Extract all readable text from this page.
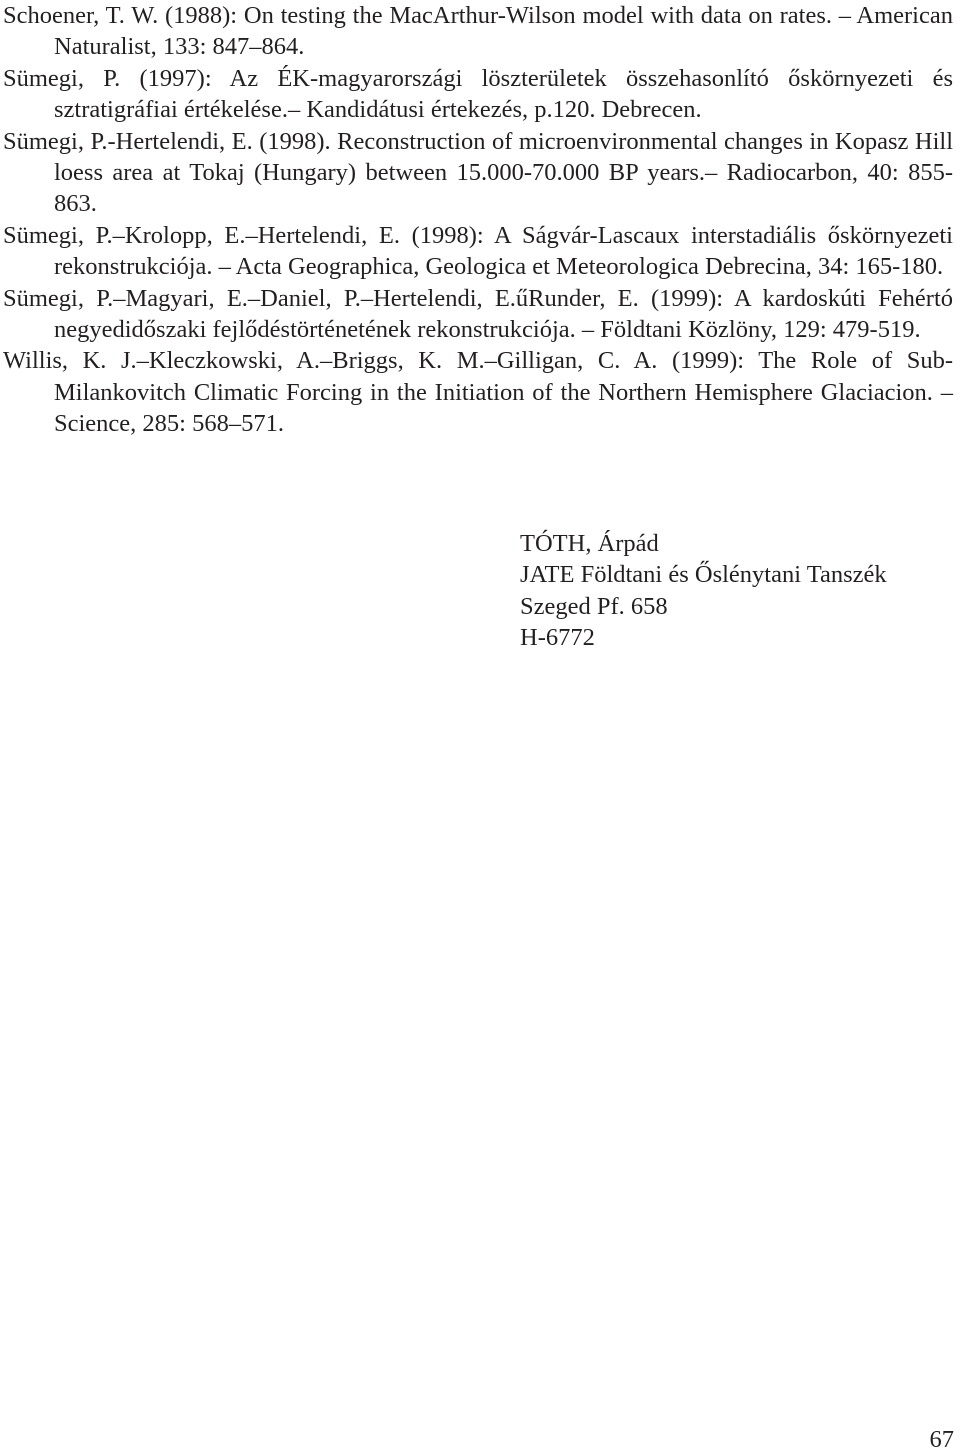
Schoener, T. W. (1988): On testing the MacArthur-Wilson model with data on rates. – American Naturalist, 133: 847–864.

Sümegi, P. (1997): Az ÉK-magyarországi löszterületek összehasonlító őskörnyezeti és sztratigráfiai értékelése.– Kandidátusi értekezés, p.120. Debrecen.

Sümegi, P.-Hertelendi, E. (1998). Reconstruction of microenvironmental changes in Kopasz Hill loess area at Tokaj (Hungary) between 15.000-70.000 BP years.– Radiocarbon, 40: 855-863.

Sümegi, P.–Krolopp, E.–Hertelendi, E. (1998): A Ságvár-Lascaux interstadiális őskörnyezeti rekonstrukciója. – Acta Geographica, Geologica et Meteorologica Debrecina, 34: 165-180.

Sümegi, P.–Magyari, E.–Daniel, P.–Hertelendi, E.űRunder, E. (1999): A kardoskúti Fehértó negyedidőszaki fejlődéstörténetének rekonstrukciója. – Földtani Közlöny, 129: 479-519.

Willis, K. J.–Kleczkowski, A.–Briggs, K. M.–Gilligan, C. A. (1999): The Role of Sub-Milankovitch Climatic Forcing in the Initiation of the Northern Hemisphere Glaciacion. – Science, 285: 568–571.

TÓTH, Árpád
JATE Földtani és Őslénytani Tanszék
Szeged Pf. 658
H-6772
67
